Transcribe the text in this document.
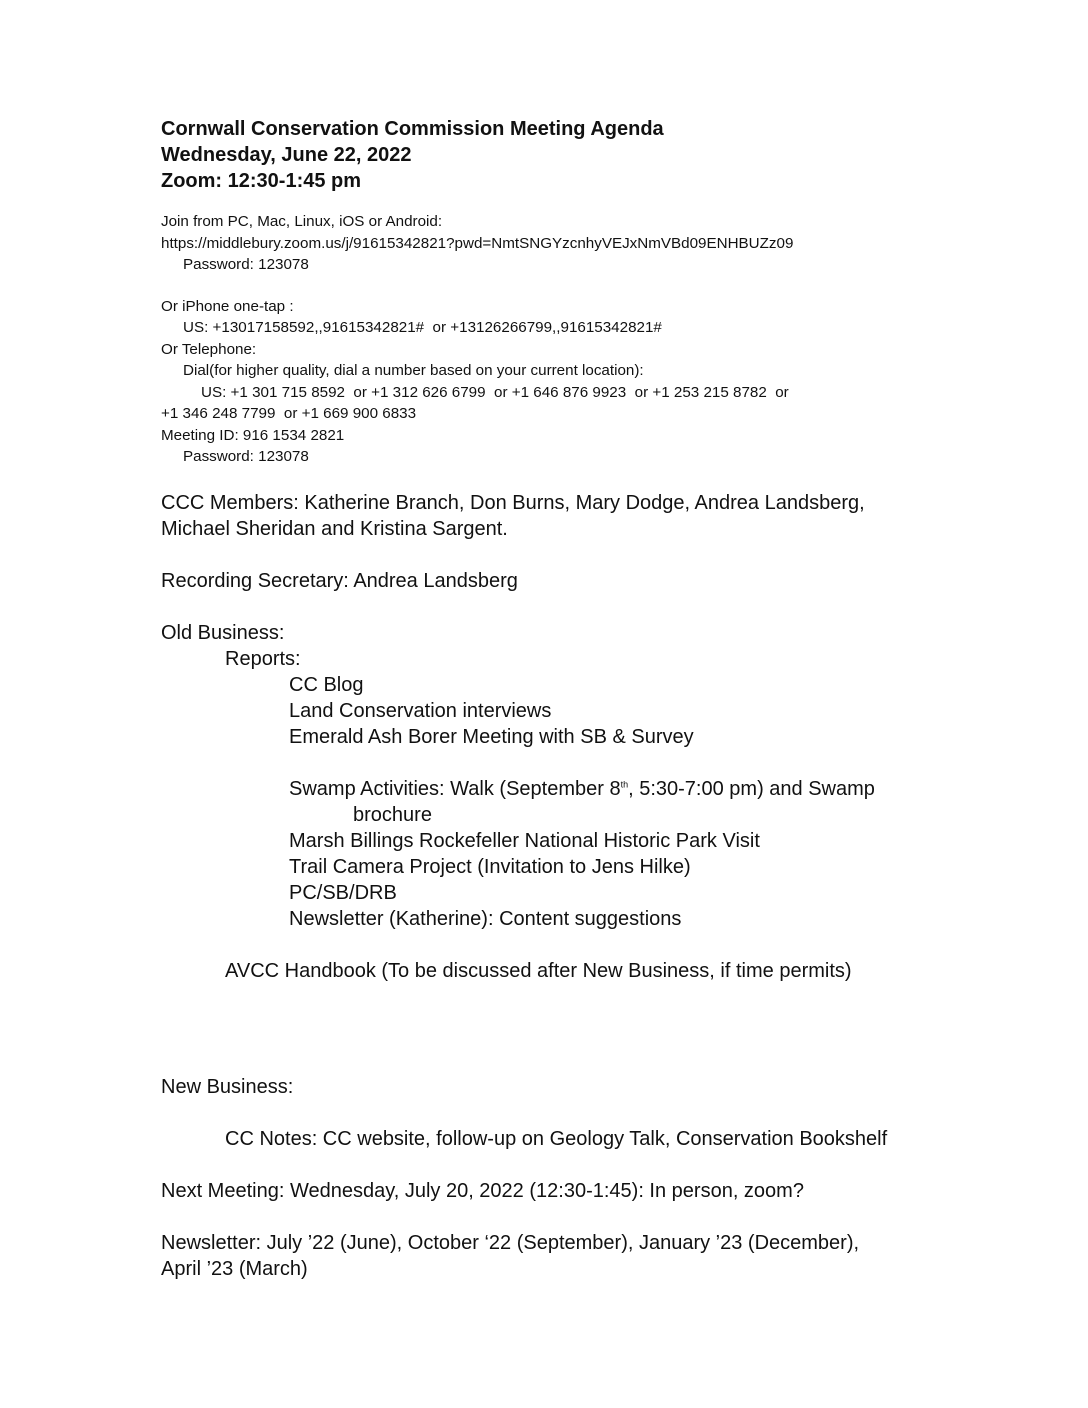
Cornwall Conservation Commission Meeting Agenda
Wednesday, June 22, 2022
Zoom: 12:30-1:45 pm
Join from PC, Mac, Linux, iOS or Android:
https://middlebury.zoom.us/j/91615342821?pwd=NmtSNGYzcnhyVEJxNmVBd09ENHBUZz09
Password: 123078
Or iPhone one-tap :
US: +13017158592,,91615342821#  or +13126266799,,91615342821#
Or Telephone:
Dial(for higher quality, dial a number based on your current location):
US: +1 301 715 8592  or +1 312 626 6799  or +1 646 876 9923  or +1 253 215 8782  or
+1 346 248 7799  or +1 669 900 6833
Meeting ID: 916 1534 2821
Password: 123078
CCC Members: Katherine Branch, Don Burns, Mary Dodge, Andrea Landsberg,
Michael Sheridan and Kristina Sargent.
Recording Secretary: Andrea Landsberg
Old Business:
Reports:
CC Blog
Land Conservation interviews
Emerald Ash Borer Meeting with SB & Survey
Swamp Activities: Walk (September 8th, 5:30-7:00 pm) and Swamp
brochure
Marsh Billings Rockefeller National Historic Park Visit
Trail Camera Project (Invitation to Jens Hilke)
PC/SB/DRB
Newsletter (Katherine): Content suggestions
AVCC Handbook (To be discussed after New Business, if time permits)
New Business:
CC Notes: CC website, follow-up on Geology Talk, Conservation Bookshelf
Next Meeting: Wednesday, July 20, 2022 (12:30-1:45): In person, zoom?
Newsletter: July ’22 (June), October ‘22 (September), January ’23 (December),
April ’23 (March)
